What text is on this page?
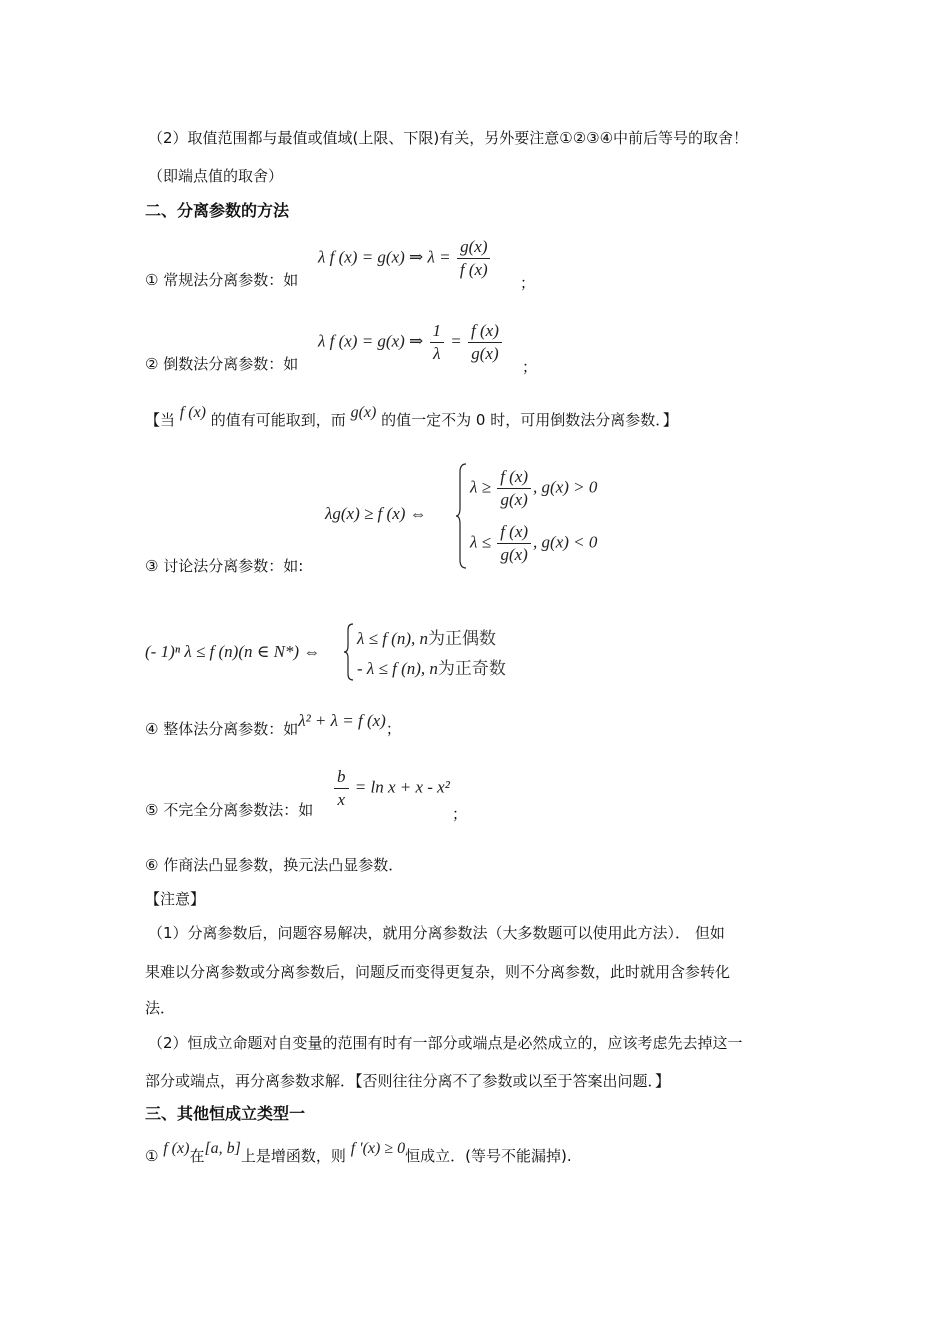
（2）取值范围都与最值或值域(上限、下限)有关，另外要注意①②③④中前后等号的取舍！
（即端点值的取舍）
二、分离参数的方法
λ f (x) = g(x) ⇒ $\lambda = \frac{g(x)}{f (x)}$
① 常规法分离参数：如	；
λ f (x) = g(x) ⇒ $\frac{1}{\lambda} = \frac{f (x)}{g(x)}$
② 倒数法分离参数：如	；
【当 f (x) 的值有可能取到，而 g(x) 的值一定不为 0 时，可用倒数法分离参数．】
λg(x) ≥ f (x) ⇔
$\lambda \ge \frac{f (x)}{g(x)}$ , g(x) > 0
$\lambda \le \frac{f (x)}{g(x)}$ , g(x) < 0
③ 讨论法分离参数：如:
(- 1)ⁿ λ ≤ f (n)(n ∈ N*) ⇔
λ ≤ f (n), n为正偶数
- λ ≤ f (n), n为正奇数
④ 整体法分离参数：如λ² + λ = f (x)；
$\frac{b}{x} = \ln x + x - x^2$
⑤ 不完全分离参数法：如	；
⑥ 作商法凸显参数，换元法凸显参数．
【注意】
（1）分离参数后，问题容易解决，就用分离参数法（大多数题可以使用此方法）． 但如
果难以分离参数或分离参数后，问题反而变得更复杂，则不分离参数，此时就用含参转化
法．
（2）恒成立命题对自变量的范围有时有一部分或端点是必然成立的，应该考虑先去掉这一
部分或端点，再分离参数求解．【否则往往分离不了参数或以至于答案出问题．】
三、其他恒成立类型一
① f (x)在[a, b]上是增函数，则 f '(x) ≥ 0恒成立．(等号不能漏掉).
